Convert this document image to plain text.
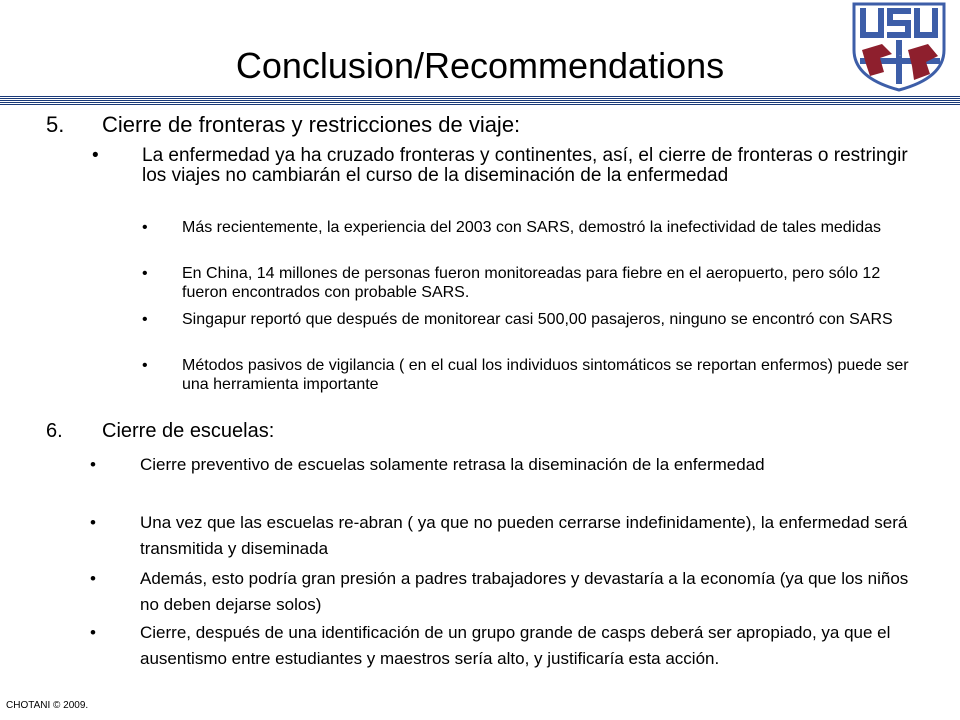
USU
Conclusion/Recommendations
5. Cierre de fronteras y restricciones de viaje:
• La enfermedad ya ha cruzado fronteras y continentes, así, el cierre de fronteras o restringir los viajes no cambiarán el curso de la diseminación de la enfermedad
• Más recientemente, la experiencia del 2003 con SARS, demostró la inefectividad de tales medidas
• En China, 14 millones de personas fueron monitoreadas para fiebre en el aeropuerto, pero sólo 12 fueron encontrados con probable SARS.
• Singapur reportó que después de monitorear casi 500,00 pasajeros, ninguno se encontró con SARS
• Métodos pasivos de vigilancia ( en el cual los individuos sintomáticos se reportan enfermos) puede ser una herramienta importante
6. Cierre de escuelas:
•	Cierre preventivo de escuelas solamente retrasa la diseminación de la enfermedad
•	Una vez que las escuelas re-abran ( ya que no pueden cerrarse indefinidamente), la enfermedad será transmitida y diseminada
•	Además, esto podría gran presión a padres trabajadores y devastaría a la economía (ya que los niños no deben dejarse solos)
•	Cierre, después de una identificación de un grupo grande de casps deberá ser apropiado, ya que el ausentismo entre estudiantes y maestros sería alto, y justificaría esta acción.
CHOTANI © 2009.
